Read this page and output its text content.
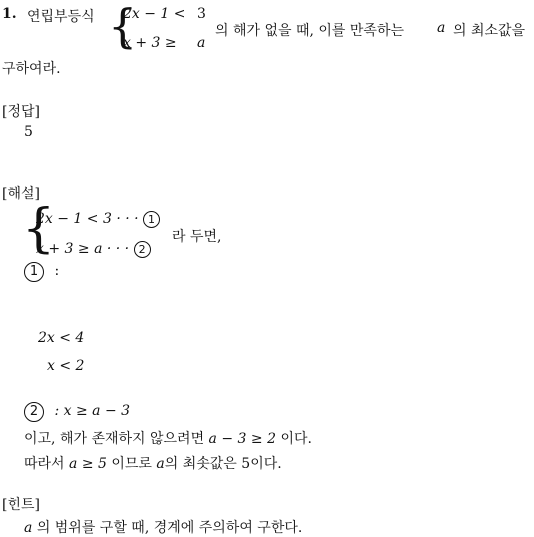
1. 연립부등식 {
2x − 1 < 3
x + 3 ≥ a
의 해가 없을 때, 이를 만족하는 a 의 최소값을
구하여라.
[정답]
5
[해설]
{
2x − 1 < 3 · · · 1
x + 3 ≥ a · · · 2
라 두면,
1 :
2x < 4
x < 2
2 : x ≥ a − 3
이고, 해가 존재하지 않으려면 a − 3 ≥ 2 이다.
따라서 a ≥ 5 이므로 a의 최솟값은 5이다.
[힌트]
a 의 범위를 구할 때, 경계에 주의하여 구한다.
